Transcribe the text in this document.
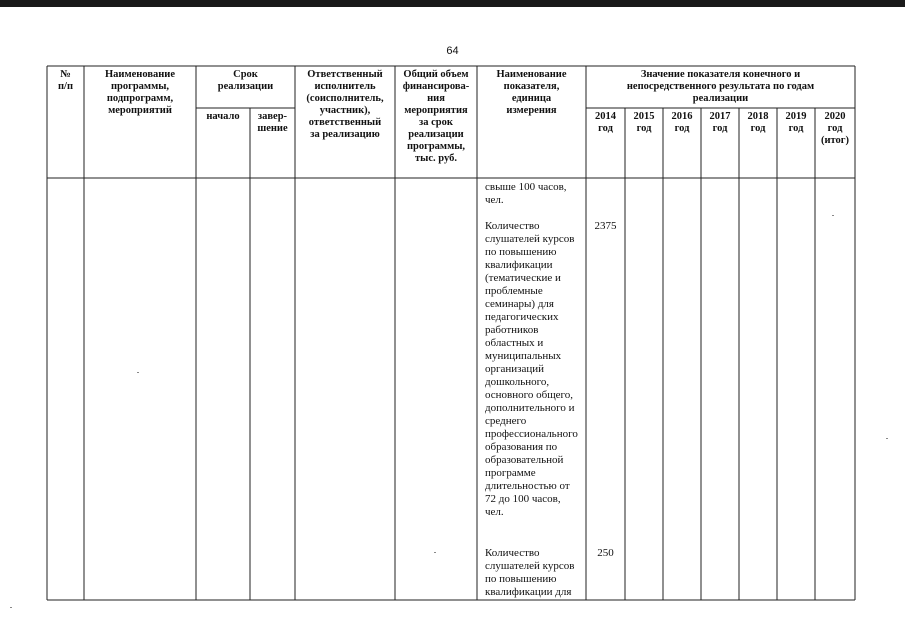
64
№
п/п
Наименование
программы,
подпрограмм,
мероприятий
Срок
реализации
начало	завер-
шение
Ответственный
исполнитель
(соисполнитель,
участник),
ответственный
за реализацию
Общий объем
финансирова-
ния
мероприятия
за срок
реализации
программы,
тыс. руб.
Наименование
показателя,
единица
измерения
Значение показателя конечного и
непосредственного результата по годам
реализации
2014
год
2015
год
2016
год
2017
год
2018
год
2019
год
2020
год
(итог)
свыше 100 часов,
чел.
Количество
слушателей курсов
по повышению
квалификации
(тематические и
проблемные
семинары) для
педагогических
работников
областных и
муниципальных
организаций
дошкольного,
основного общего,
дополнительного и
среднего
профессионального
образования по
образовательной
программе
длительностью от
72 до 100 часов,
чел.
Количество
слушателей курсов
по повышению
квалификации для
2375
250
